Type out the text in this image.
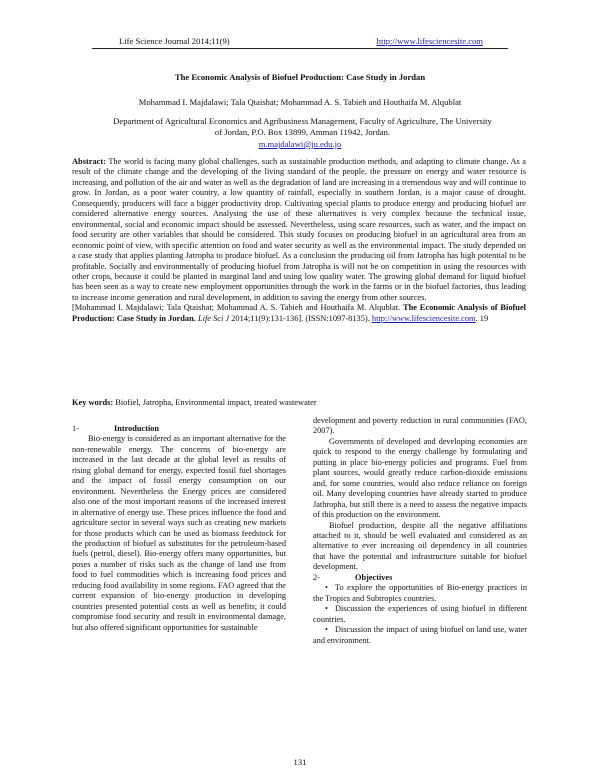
Life Science Journal 2014;11(9)	http://www.lifesciencesite.com
The Economic Analysis of Biofuel Production: Case Study in Jordan
Mohammad I. Majdalawi; Tala Qtaishat; Mohammad A. S. Tabieh and Houthaifa M. Alqublat
Department of Agricultural Economics and Agribusiness Management, Faculty of Agriculture, The University of Jordan, P.O. Box 13899, Amman 11942, Jordan.
m.majdalawi@ju.edu.jo
Abstract: The world is facing many global challenges, such as sustainable production methods, and adapting to climate change. As a result of the climate change and the developing of the living standard of the people, the pressure on energy and water resource is increasing, and pollution of the air and water as well as the degradation of land are increasing in a tremendous way and will continue to grow. In Jordan, as a poor water country, a low quantity of rainfall, especially in southern Jordan, is a major cause of drought. Consequently, producers will face a bigger productivity drop. Cultivating special plants to produce energy and producing biofuel are considered alternative energy sources. Analysing the use of these alternatives is very complex because the technical issue, environmental, social and economic impact should be assessed. Nevertheless, using scare resources, such as water, and the impact on food security are other variables that should be considered. This study focuses on producing biofuel in an agricultural area from an economic point of view, with specific attention on food and water security as well as the environmental impact. The study depended on a case study that applies planting Jatropha to produce biofuel. As a conclusion the producing oil from Jatropha has high potential to be profitable. Socially and environmentally of producing biofuel from Jatropha is will not be on competition in using the resources with other crops, because it could be planted in marginal land and using low quality water. The growing global demand for liquid biofuel has been seen as a way to create new employment opportunities through the work in the farms or in the biofuel factories, thus leading to increase income generation and rural development, in addition to saving the energy from other sources.
[Mohammad I. Majdalawi; Tala Qtaishat; Mohammad A. S. Tabieh and Houthaifa M. Alqublat. The Economic Analysis of Biofuel Production: Case Study in Jordan. Life Sci J 2014;11(9):131-136]. (ISSN:1097-8135). http://www.lifesciencesite.com. 19
Key words: Biofiel, Jatropha, Environmental impact, treated wastewater
1-	Introduction

Bio-energy is considered as an important alternative for the non-renewable energy. The concerns of bio-energy are increased in the last decade at the global level as results of rising global demand for energy, expected fossil fuel shortages and the impact of fossil energy consumption on our environment. Nevertheless the Energy prices are considered also one of the most important reasons of the increased interest in alternative of energy use. These prices influence the food and agriculture sector in several ways such as creating new markets for those products which can be used as biomass feedstock for the production of biofuel as substitutes for the petroleum-based fuels (petrol, diesel). Bio-energy offers many opportunities, but poses a number of risks such as the change of land use from food to fuel commodities which is increasing food prices and reducing food availability in some regions. FAO agreed that the current expansion of bio-energy production in developing countries presented potential costs as well as benefits; it could compromise food security and result in environmental damage, but also offered significant opportunities for sustainable

development and poverty reduction in rural communities (FAO, 2007).

Governments of developed and developing economies are quick to respond to the energy challenge by formulating and putting in place bio-energy policies and programs. Fuel from plant sources, would greatly reduce carbon-dioxide emissions and, for some countries, would also reduce reliance on foreign oil. Many developing countries have already started to produce Jathropha, but still there is a need to assess the negative impacts of this production on the environment.

Biofuel production, despite all the negative affiliations attached to it, should be well evaluated and considered as an alternative to ever increasing oil dependency in all countries that have the potential and infrastructure suitable for biofuel development.

2-	Objectives
• To explore the opportunities of Bio-energy practices in the Tropics and Subtropics countries.
• Discussion the experiences of using biofuel in different countries.
• Discussion the impact of using biofuel on land use, water and environment.
131
